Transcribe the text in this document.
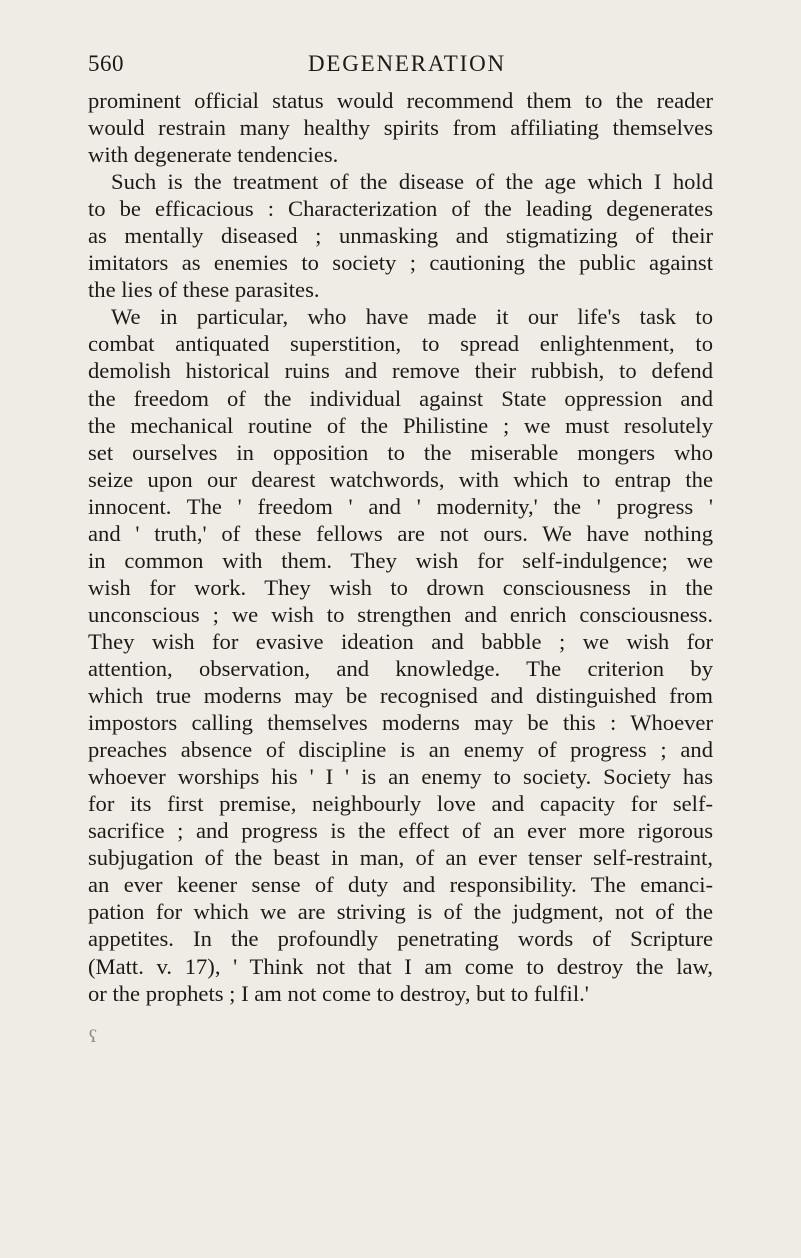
560	DEGENERATION
prominent official status would recommend them to the reader
would restrain many healthy spirits from affiliating themselves
with degenerate tendencies.
Such is the treatment of the disease of the age which I hold
to be efficacious : Characterization of the leading degenerates
as mentally diseased ; unmasking and stigmatizing of their
imitators as enemies to society ; cautioning the public against
the lies of these parasites.
We in particular, who have made it our life's task to
combat antiquated superstition, to spread enlightenment, to
demolish historical ruins and remove their rubbish, to defend
the freedom of the individual against State oppression and
the mechanical routine of the Philistine ; we must resolutely
set ourselves in opposition to the miserable mongers who
seize upon our dearest watchwords, with which to entrap the
innocent. The ' freedom ' and ' modernity,' the ' progress '
and ' truth,' of these fellows are not ours. We have nothing
in common with them. They wish for self-indulgence; we
wish for work. They wish to drown consciousness in the
unconscious ; we wish to strengthen and enrich consciousness.
They wish for evasive ideation and babble ; we wish for
attention, observation, and knowledge. The criterion by
which true moderns may be recognised and distinguished from
impostors calling themselves moderns may be this : Whoever
preaches absence of discipline is an enemy of progress ; and
whoever worships his ' I ' is an enemy to society. Society has
for its first premise, neighbourly love and capacity for self-
sacrifice ; and progress is the effect of an ever more rigorous
subjugation of the beast in man, of an ever tenser self-restraint,
an ever keener sense of duty and responsibility. The emanci-
pation for which we are striving is of the judgment, not of the
appetites. In the profoundly penetrating words of Scripture
(Matt. v. 17), ' Think not that I am come to destroy the law,
or the prophets ; I am not come to destroy, but to fulfil.'
ʕ
